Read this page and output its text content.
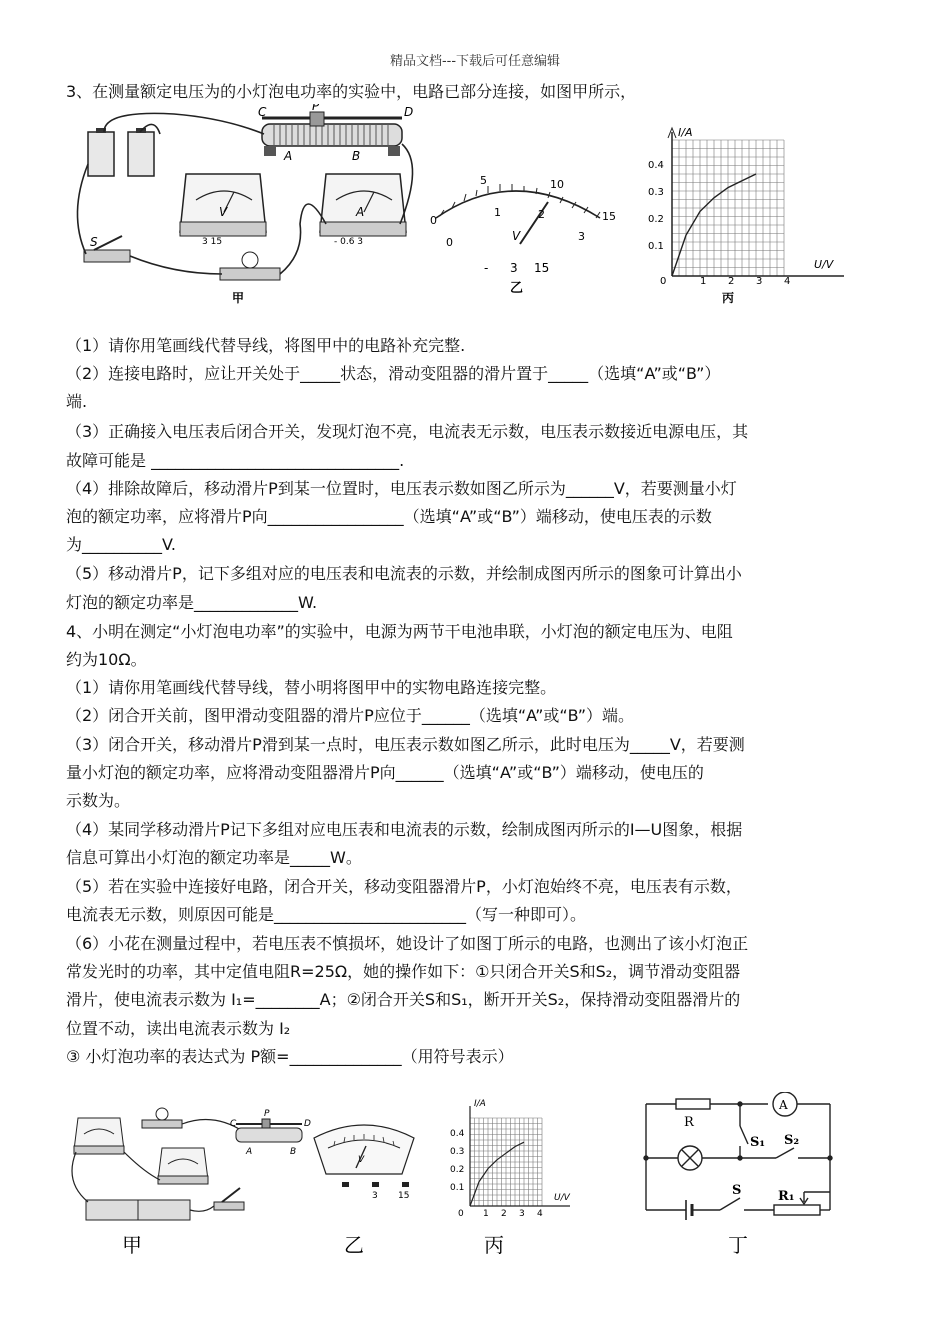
精品文档---下载后可任意编辑
3、在测量额定电压为的小灯泡电功率的实验中，电路已部分连接，如图甲所示，
C	P	D
A	B
V
3 15
A
- 0.6 3
S
甲
0
5	10
15
0
1	2
3
V
- 3 15
乙
I/A
U/V
0.4
0.3
0.2
0.1
0	1 2 3 4
丙
（1）请你用笔画线代替导线，将图甲中的电路补充完整.
（2）连接电路时，应让开关处于_____状态，滑动变阻器的滑片置于_____（选填“A”或“B”）
端.
（3）正确接入电压表后闭合开关，发现灯泡不亮，电流表无示数，电压表示数接近电源电压，其
故障可能是 _______________________________.
（4）排除故障后，移动滑片P到某一位置时，电压表示数如图乙所示为______V，若要测量小灯
泡的额定功率，应将滑片P向_________________（选填“A”或“B”）端移动，使电压表的示数
为__________V.
（5）移动滑片P，记下多组对应的电压表和电流表的示数，并绘制成图丙所示的图象可计算出小
灯泡的额定功率是_____________W.
4、小明在测定“小灯泡电功率”的实验中，电源为两节干电池串联，小灯泡的额定电压为、电阻
约为10Ω。
（1）请你用笔画线代替导线，替小明将图甲中的实物电路连接完整。
（2）闭合开关前，图甲滑动变阻器的滑片P应位于______（选填“A”或“B”）端。
（3）闭合开关，移动滑片P滑到某一点时，电压表示数如图乙所示，此时电压为_____V，若要测
量小灯泡的额定功率，应将滑动变阻器滑片P向______（选填“A”或“B”）端移动，使电压的
示数为。
（4）某同学移动滑片P记下多组对应电压表和电流表的示数，绘制成图丙所示的I—U图象，根据
信息可算出小灯泡的额定功率是_____W。
（5）若在实验中连接好电路，闭合开关，移动变阻器滑片P，小灯泡始终不亮，电压表有示数，
电流表无示数，则原因可能是________________________（写一种即可）。
（6）小花在测量过程中，若电压表不慎损坏，她设计了如图丁所示的电路，也测出了该小灯泡正
常发光时的功率，其中定值电阻R=25Ω，她的操作如下：①只闭合开关S和S₂，调节滑动变阻器
滑片，使电流表示数为 I₁=________A；②闭合开关S和S₁，断开开关S₂，保持滑动变阻器滑片的
位置不动，读出电流表示数为 I₂
③ 小灯泡功率的表达式为 P额=______________（用符号表示）
C
P
D
A	B
甲
V
3 15
乙
I/A
U/V
0.4
0.3
0.2
0.1
0 1 2 3 4
丙
R
A
S₁ S₂
S	R₁
丁
